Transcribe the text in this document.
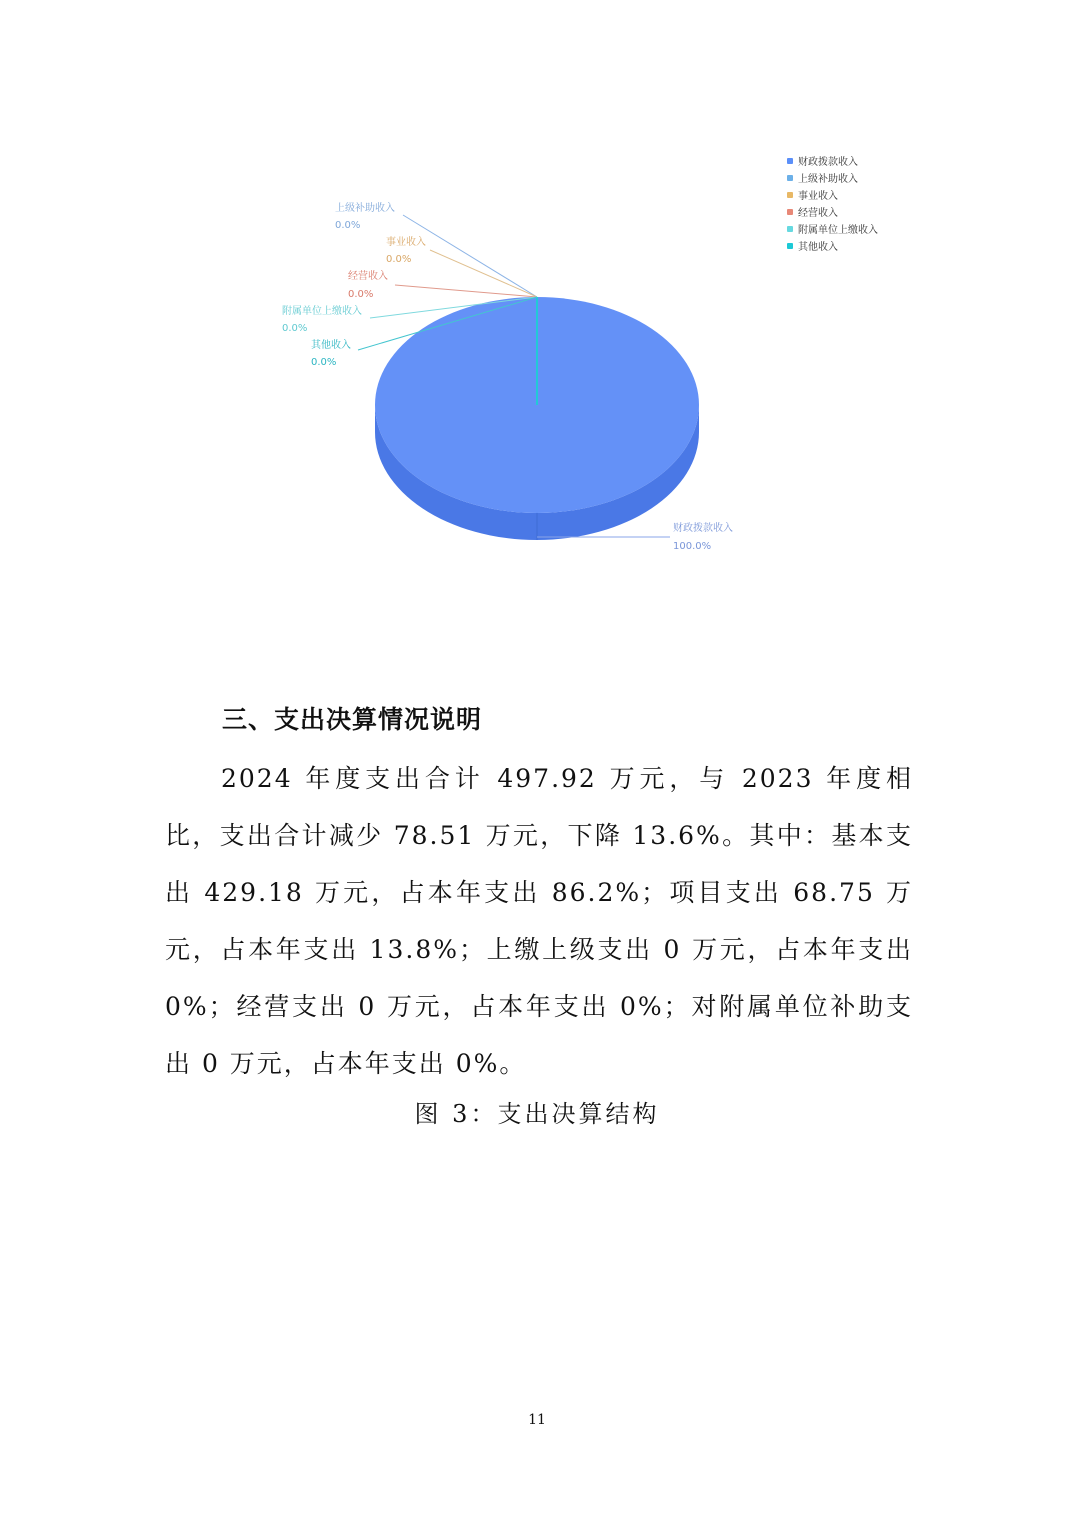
上级补助收入
0.0%
事业收入
0.0%
经营收入
0.0%
附属单位上缴收入
0.0%
其他收入
0.0%
财政拨款收入
100.0%
财政拨款收入
上级补助收入
事业收入
经营收入
附属单位上缴收入
其他收入
三、支出决算情况说明

2024 年度支出合计 497.92 万元，与 2023 年度相比，支出合计减少 78.51 万元，下降 13.6%。其中：基本支出 429.18 万元，占本年支出 86.2%；项目支出 68.75 万元，占本年支出 13.8%；上缴上级支出 0 万元，占本年支出 0%；经营支出 0 万元，占本年支出 0%；对附属单位补助支出 0 万元，占本年支出 0%。

图 3：支出决算结构

11
